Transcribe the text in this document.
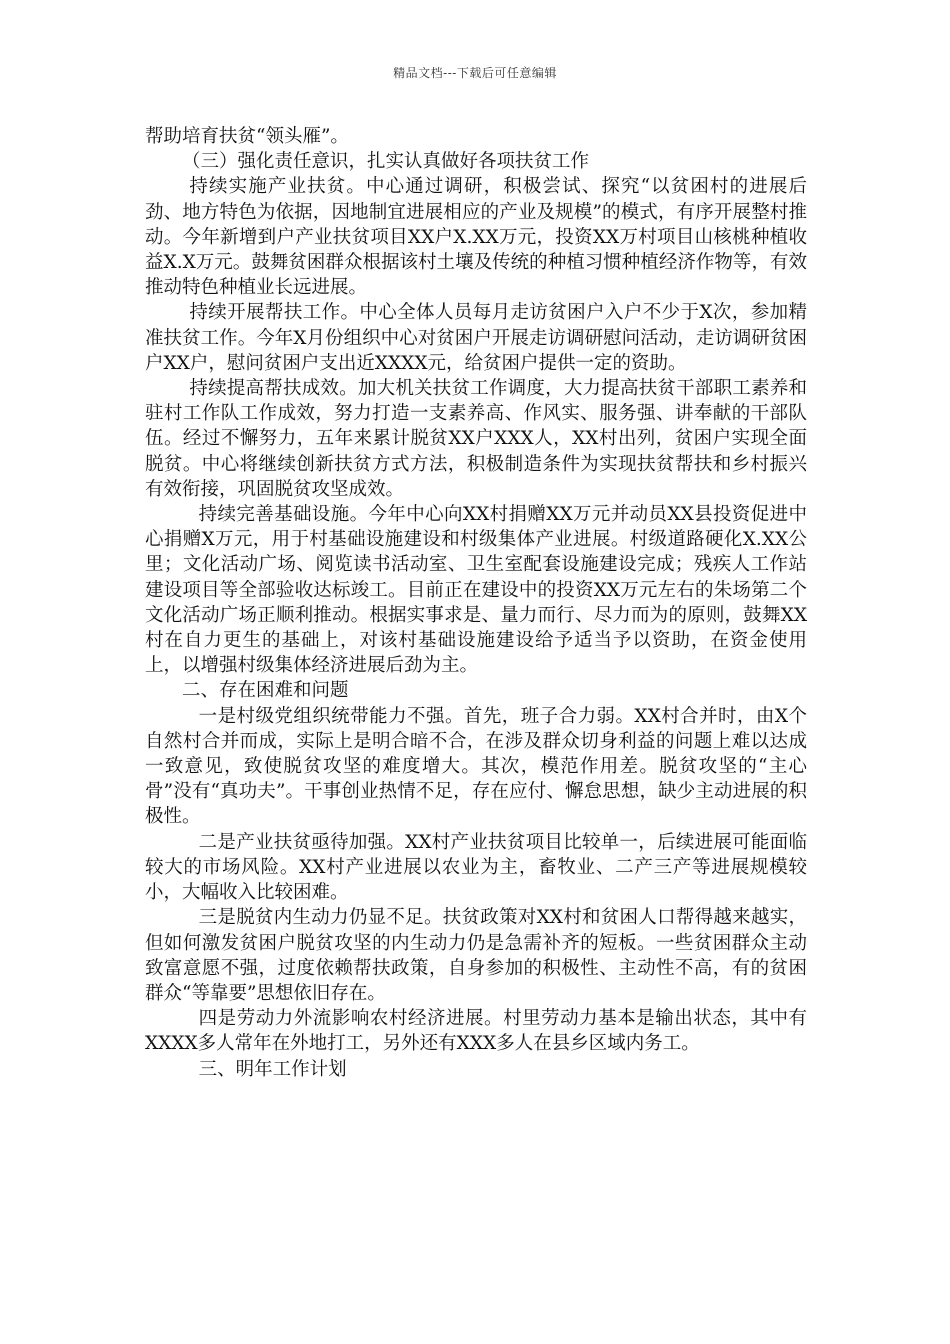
精品文档---下载后可任意编辑

帮助培育扶贫“领头雁”。

（三）强化责任意识，扎实认真做好各项扶贫工作

持续实施产业扶贫。中心通过调研，积极尝试、探究“以贫困村的进展后劲、地方特色为依据，因地制宜进展相应的产业及规模”的模式，有序开展整村推动。今年新增到户产业扶贫项目XX户X.XX万元，投资XX万村项目山核桃种植收益X.X万元。鼓舞贫困群众根据该村土壤及传统的种植习惯种植经济作物等，有效推动特色种植业长远进展。

持续开展帮扶工作。中心全体人员每月走访贫困户入户不少于X次，参加精准扶贫工作。今年X月份组织中心对贫困户开展走访调研慰问活动，走访调研贫困户XX户，慰问贫困户支出近XXXX元，给贫困户提供一定的资助。

持续提高帮扶成效。加大机关扶贫工作调度，大力提高扶贫干部职工素养和驻村工作队工作成效，努力打造一支素养高、作风实、服务强、讲奉献的干部队伍。经过不懈努力，五年来累计脱贫XX户XXX人，XX村出列，贫困户实现全面脱贫。中心将继续创新扶贫方式方法，积极制造条件为实现扶贫帮扶和乡村振兴有效衔接，巩固脱贫攻坚成效。

持续完善基础设施。今年中心向XX村捐赠XX万元并动员XX县投资促进中心捐赠X万元，用于村基础设施建设和村级集体产业进展。村级道路硬化X.XX公里；文化活动广场、阅览读书活动室、卫生室配套设施建设完成；残疾人工作站建设项目等全部验收达标竣工。目前正在建设中的投资XX万元左右的朱场第二个文化活动广场正顺利推动。根据实事求是、量力而行、尽力而为的原则，鼓舞XX村在自力更生的基础上，对该村基础设施建设给予适当予以资助，在资金使用上，以增强村级集体经济进展后劲为主。

二、存在困难和问题

一是村级党组织统带能力不强。首先，班子合力弱。XX村合并时，由X个自然村合并而成，实际上是明合暗不合，在涉及群众切身利益的问题上难以达成一致意见，致使脱贫攻坚的难度增大。其次，模范作用差。脱贫攻坚的“主心骨”没有“真功夫”。干事创业热情不足，存在应付、懈怠思想，缺少主动进展的积极性。

二是产业扶贫亟待加强。XX村产业扶贫项目比较单一，后续进展可能面临较大的市场风险。XX村产业进展以农业为主，畜牧业、二产三产等进展规模较小，大幅收入比较困难。

三是脱贫内生动力仍显不足。扶贫政策对XX村和贫困人口帮得越来越实，但如何激发贫困户脱贫攻坚的内生动力仍是急需补齐的短板。一些贫困群众主动致富意愿不强，过度依赖帮扶政策，自身参加的积极性、主动性不高，有的贫困群众“等靠要”思想依旧存在。

四是劳动力外流影响农村经济进展。村里劳动力基本是输出状态，其中有XXXX多人常年在外地打工，另外还有XXX多人在县乡区域内务工。

三、明年工作计划
